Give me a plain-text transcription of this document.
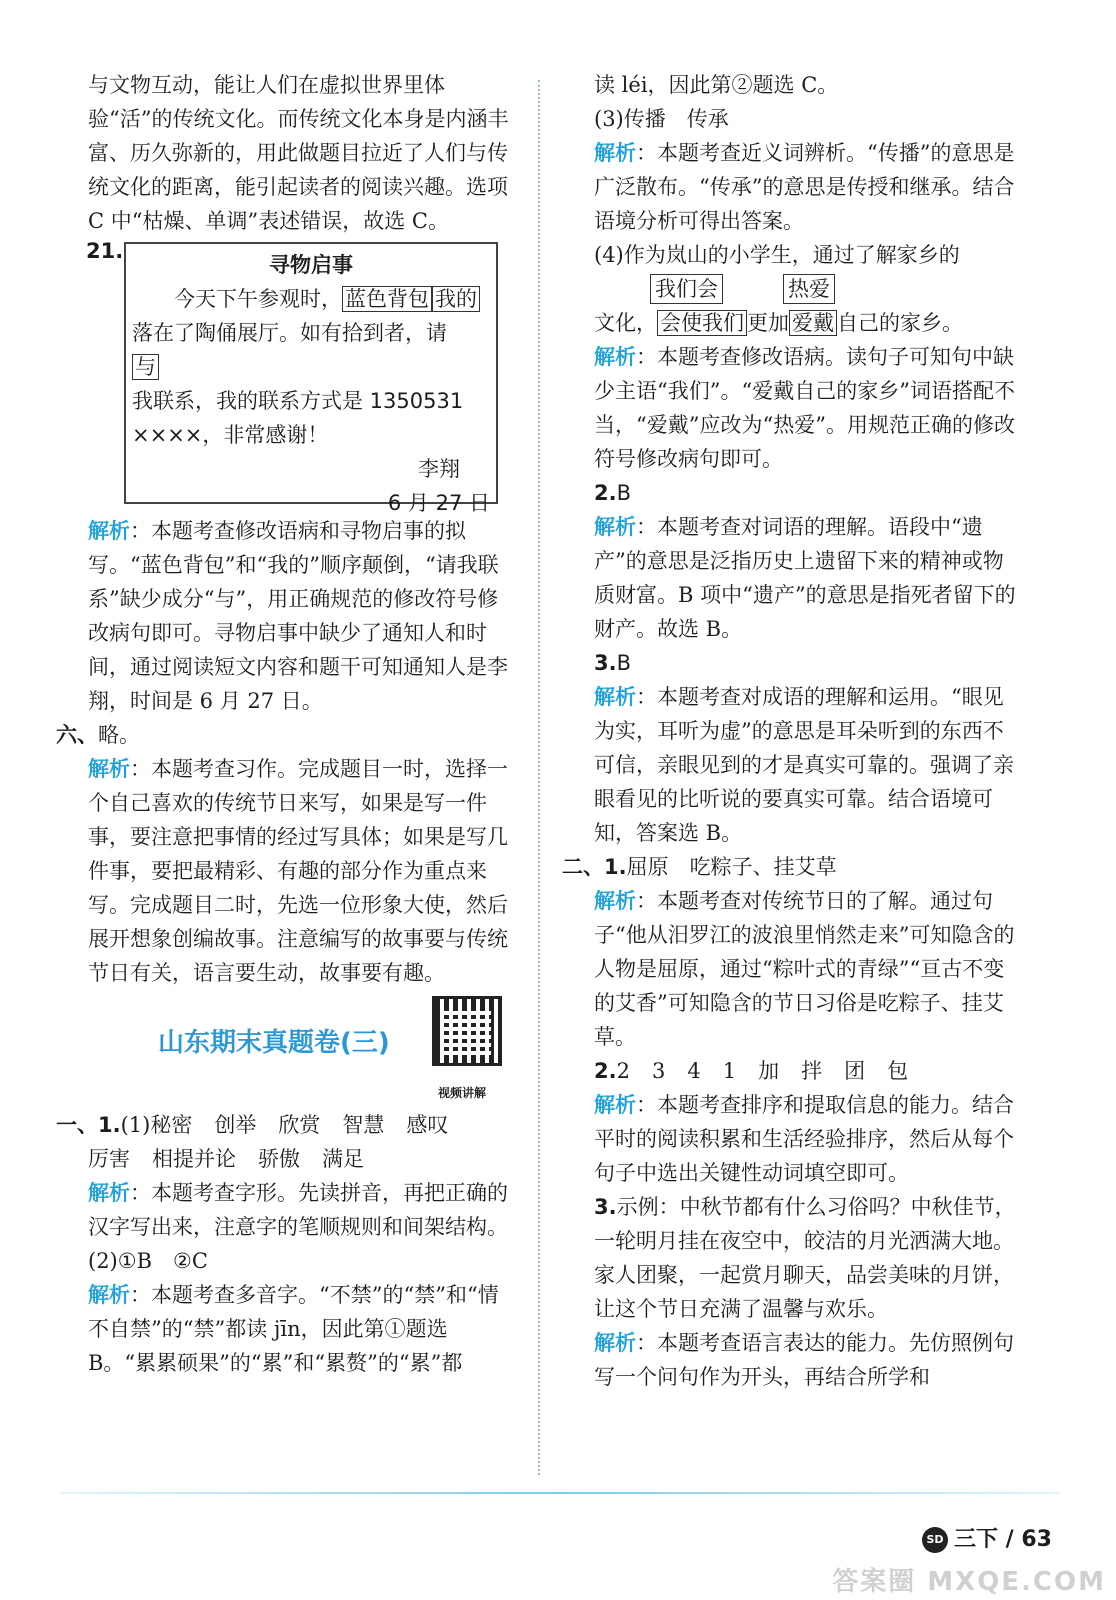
与文物互动，能让人们在虚拟世界里体验“活”的传统文化。而传统文化本身是内涵丰富、历久弥新的，用此做题目拉近了人们与传统文化的距离，能引起读者的阅读兴趣。选项 C 中“枯燥、单调”表述错误，故选 C。

21.
寻物启事
今天下午参观时， 蓝色背包 我的
落在了陶俑展厅。如有拾到者，请
与
我联系，我的联系方式是 1350531
××××，非常感谢！
李翔
6 月 27 日

解析：本题考查修改语病和寻物启事的拟写。“蓝色背包”和“我的”顺序颠倒，“请我联系”缺少成分“与”，用正确规范的修改符号修改病句即可。寻物启事中缺少了通知人和时间，通过阅读短文内容和题干可知通知人是李翔，时间是 6 月 27 日。

六、略。

解析：本题考查习作。完成题目一时，选择一个自己喜欢的传统节日来写，如果是写一件事，要注意把事情的经过写具体；如果是写几件事，要把最精彩、有趣的部分作为重点来写。完成题目二时，先选一位形象大使，然后展开想象创编故事。注意编写的故事要与传统节日有关，语言要生动，故事要有趣。

山东期末真题卷(三)
视频讲解

一、1.(1)秘密 创举 欣赏 智慧 感叹

厉害 相提并论 骄傲 满足

解析：本题考查字形。先读拼音，再把正确的汉字写出来，注意字的笔顺规则和间架结构。

(2)①B　②C

解析：本题考查多音字。“不禁”的“禁”和“情不自禁”的“禁”都读 jīn，因此第①题选 B。“累累硕果”的“累”和“累赘”的“累”都

读 léi，因此第②题选 C。

(3)传播　传承

解析：本题考查近义词辨析。“传播”的意思是广泛散布。“传承”的意思是传授和继承。结合语境分析可得出答案。

(4)作为岚山的小学生，通过了解家乡的

我们会	热爱

文化， 会使我们 更加 爱戴 自己的家乡。

解析：本题考查修改语病。读句子可知句中缺少主语“我们”。“爱戴自己的家乡”词语搭配不当，“爱戴”应改为“热爱”。用规范正确的修改符号修改病句即可。

2.B

解析：本题考查对词语的理解。语段中“遗产”的意思是泛指历史上遗留下来的精神或物质财富。B 项中“遗产”的意思是指死者留下的财产。故选 B。

3.B

解析：本题考查对成语的理解和运用。“眼见为实，耳听为虚”的意思是耳朵听到的东西不可信，亲眼见到的才是真实可靠的。强调了亲眼看见的比听说的要真实可靠。结合语境可知，答案选 B。

二、1.屈原　吃粽子、挂艾草

解析：本题考查对传统节日的了解。通过句子“他从汨罗江的波浪里悄然走来”可知隐含的人物是屈原，通过“粽叶式的青绿”“亘古不变的艾香”可知隐含的节日习俗是吃粽子、挂艾草。

2.2 3 4 1 加 拌 团 包

解析：本题考查排序和提取信息的能力。结合平时的阅读积累和生活经验排序，然后从每个句子中选出关键性动词填空即可。

3.示例：中秋节都有什么习俗吗？中秋佳节，一轮明月挂在夜空中，皎洁的月光洒满大地。家人团聚，一起赏月聊天，品尝美味的月饼，让这个节日充满了温馨与欢乐。

解析：本题考查语言表达的能力。先仿照例句写一个问句作为开头，再结合所学和

SD 三下 / 63
答案圈 MXQE.COM
